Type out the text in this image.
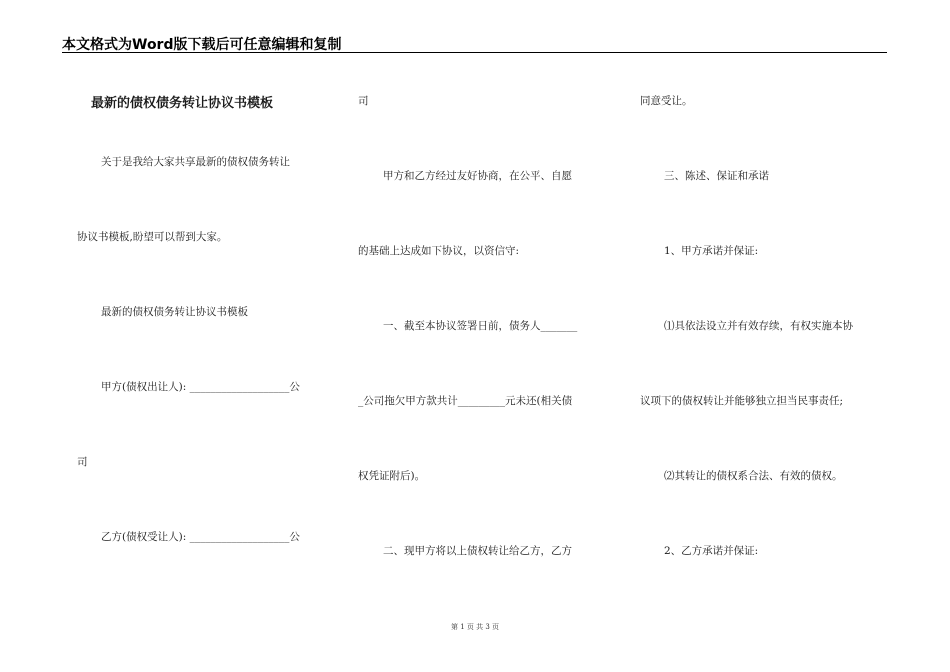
本文格式为Word版下载后可任意编辑和复制
最新的债权债务转让协议书模板
关于是我给大家共享最新的债权债务转让
协议书模板,盼望可以帮到大家。
最新的债权债务转让协议书模板
甲方(债权出让人): ___________________公
司
乙方(债权受让人): ___________________公
司
甲方和乙方经过友好协商，在公平、自愿
的基础上达成如下协议，以资信守:
一、截至本协议签署日前，债务人_______
_公司拖欠甲方款共计_________元未还(相关债
权凭证附后)。
二、现甲方将以上债权转让给乙方，乙方
同意受让。
三、陈述、保证和承诺
1、甲方承诺并保证:
⑴具依法设立并有效存续，有权实施本协
议项下的债权转让并能够独立担当民事责任;
⑵其转让的债权系合法、有效的债权。
2、乙方承诺并保证:
第 1 页 共 3 页
